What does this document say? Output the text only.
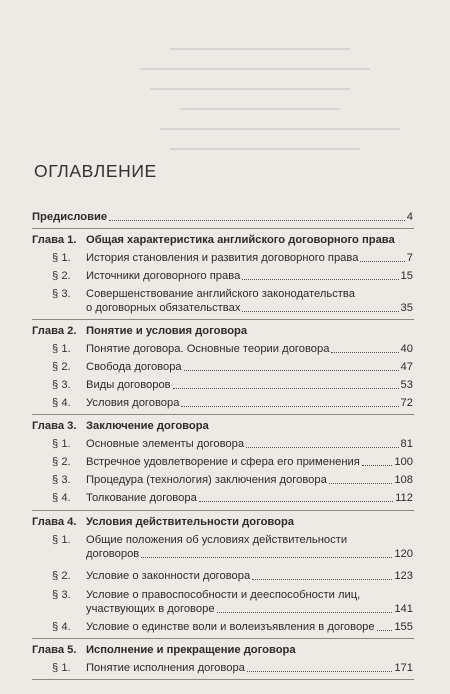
ОГЛАВЛЕНИЕ
Предисловие	4
Глава 1. Общая характеристика английского договорного права
§ 1. История становления и развития договорного права	7
§ 2. Источники договорного права	15
§ 3. Совершенствование английского законодательства
о договорных обязательствах	35
Глава 2. Понятие и условия договора
§ 1. Понятие договора. Основные теории договора	40
§ 2. Свобода договора	47
§ 3. Виды договоров	53
§ 4. Условия договора	72
Глава 3. Заключение договора
§ 1. Основные элементы договора	81
§ 2. Встречное удовлетворение и сфера его применения	100
§ 3. Процедура (технология) заключения договора	108
§ 4. Толкование договора	112
Глава 4. Условия действительности договора
§ 1. Общие положения об условиях действительности
договоров	120
§ 2. Условие о законности договора	123
§ 3. Условие о правоспособности и дееспособности лиц,
участвующих в договоре	141
§ 4. Условие о единстве воли и волеизъявления в договоре 155
Глава 5. Исполнение и прекращение договора
§ 1. Понятие исполнения договора	171
